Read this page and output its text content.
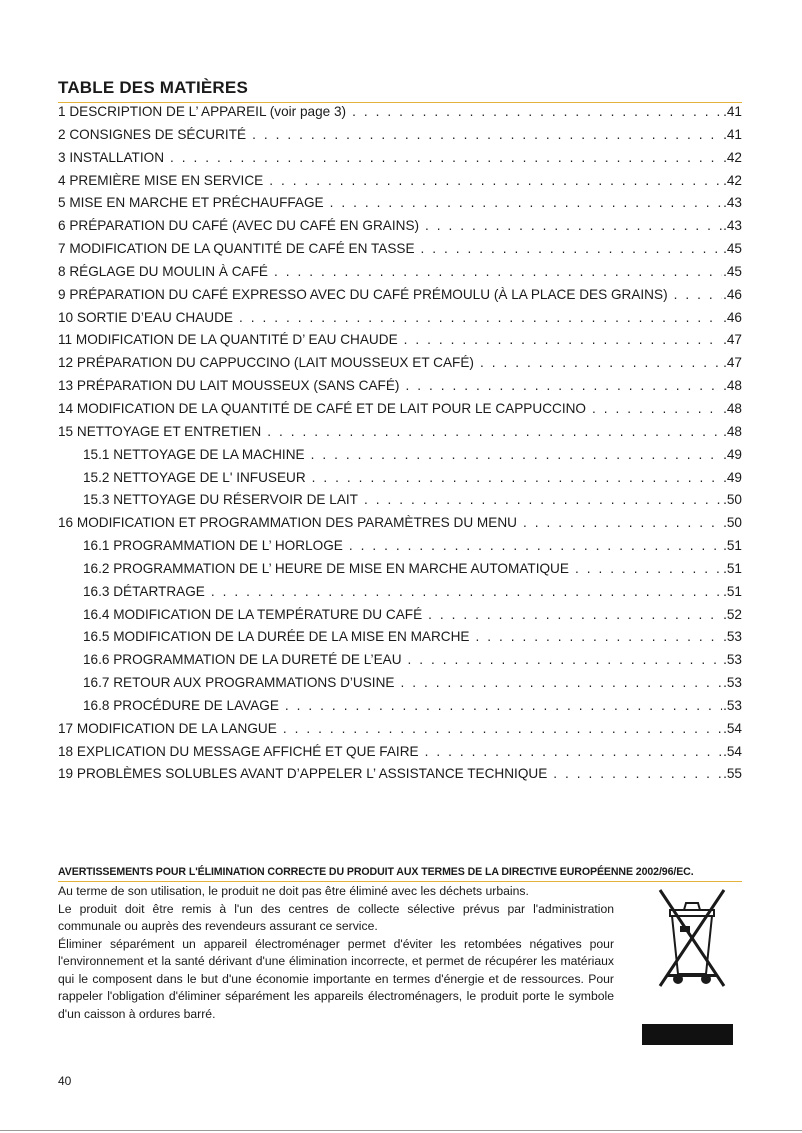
TABLE DES MATIÈRES
1 DESCRIPTION DE L’ APPAREIL (voir page 3) . . .	.41
2 CONSIGNES DE SÉCURITÉ . . .	.41
3 INSTALLATION . . .	.42
4 PREMIÈRE MISE EN SERVICE . . .	.42
5 MISE EN MARCHE ET PRÉCHAUFFAGE . . .	.43
6 PRÉPARATION DU CAFÉ (AVEC DU CAFÉ EN GRAINS) . . .	.43
7 MODIFICATION DE LA QUANTITÉ DE CAFÉ EN TASSE . . .	.45
8 RÉGLAGE DU MOULIN À CAFÉ . . .	.45
9 PRÉPARATION DU CAFÉ EXPRESSO AVEC DU CAFÉ PRÉMOULU (À LA PLACE DES GRAINS) . . .	.46
10 SORTIE D’EAU CHAUDE . . .	.46
11 MODIFICATION DE LA QUANTITÉ D’ EAU CHAUDE . . .	.47
12 PRÉPARATION DU CAPPUCCINO (LAIT MOUSSEUX ET CAFÉ) . . .	.47
13 PRÉPARATION DU LAIT MOUSSEUX (SANS CAFÉ) . . .	.48
14 MODIFICATION DE LA QUANTITÉ DE CAFÉ ET DE LAIT POUR LE CAPPUCCINO . . .	.48
15 NETTOYAGE ET ENTRETIEN . . .	.48
15.1 NETTOYAGE DE LA MACHINE . . .	.49
15.2 NETTOYAGE DE L' INFUSEUR . . .	.49
15.3 NETTOYAGE DU RÉSERVOIR DE LAIT . . .	.50
16 MODIFICATION ET PROGRAMMATION DES PARAMÈTRES DU MENU . . .	.50
16.1 PROGRAMMATION DE L’ HORLOGE . . .	.51
16.2 PROGRAMMATION DE L’ HEURE DE MISE EN MARCHE AUTOMATIQUE . . .	.51
16.3 DÉTARTRAGE . . .	.51
16.4 MODIFICATION DE LA TEMPÉRATURE DU CAFÉ . . .	.52
16.5 MODIFICATION DE LA DURÉE DE LA MISE EN MARCHE . . .	.53
16.6 PROGRAMMATION DE LA DURETÉ DE L’EAU . . .	.53
16.7 RETOUR AUX PROGRAMMATIONS D’USINE . . .	.53
16.8 PROCÉDURE DE LAVAGE . . .	.53
17 MODIFICATION DE LA LANGUE . . .	.54
18 EXPLICATION DU MESSAGE AFFICHÉ ET QUE FAIRE . . .	.54
19 PROBLÈMES SOLUBLES AVANT D’APPELER L’ ASSISTANCE TECHNIQUE . . .	.55
AVERTISSEMENTS POUR L'ÉLIMINATION CORRECTE DU PRODUIT AUX TERMES DE LA DIRECTIVE EUROPÉENNE 2002/96/EC.

Au terme de son utilisation, le produit ne doit pas être éliminé avec les déchets urbains.

Le produit doit être remis à l'un des centres de collecte sélective prévus par l'administration communale ou auprès des revendeurs assurant ce service.

Éliminer séparément un appareil électroménager permet d'éviter les retombées négatives pour l'environnement et la santé dérivant d'une élimination incorrecte, et permet de récupérer les matériaux qui le composent dans le but d'une économie importante en termes d'énergie et de ressources. Pour rappeler l'obligation d'éliminer séparément les appareils électroménagers, le produit porte le symbole d'un caisson à ordures barré.

40
